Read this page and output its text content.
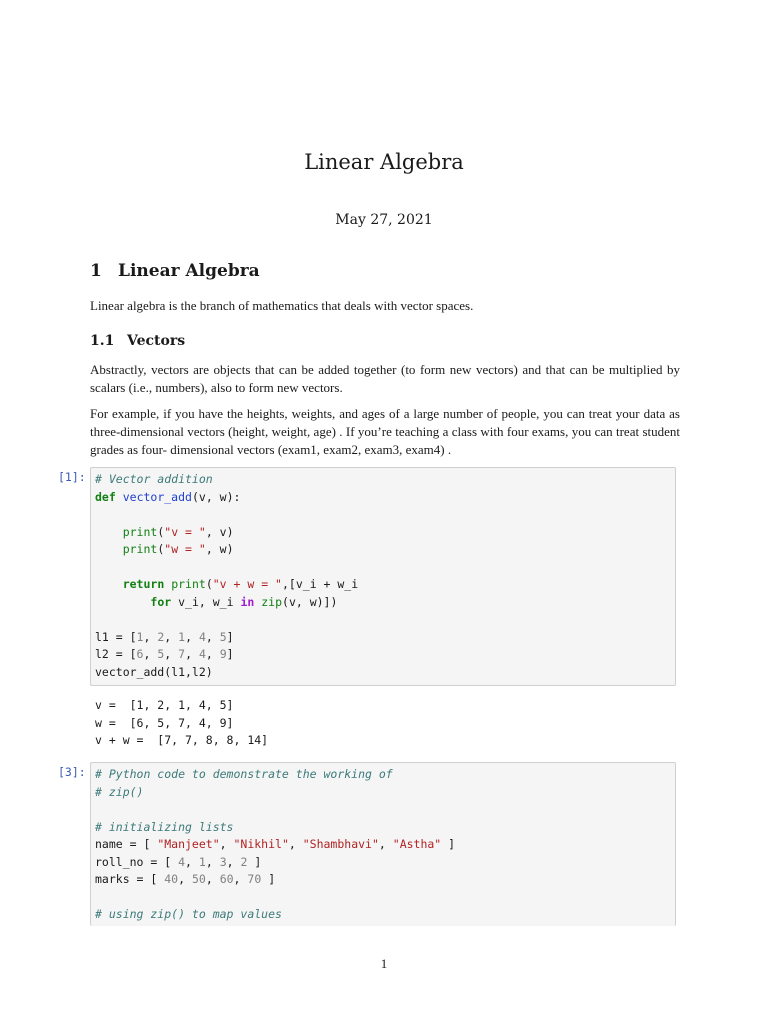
Linear Algebra
May 27, 2021
1 Linear Algebra
Linear algebra is the branch of mathematics that deals with vector spaces.
1.1 Vectors
Abstractly, vectors are objects that can be added together (to form new vectors) and that can be multiplied by scalars (i.e., numbers), also to form new vectors.
For example, if you have the heights, weights, and ages of a large number of people, you can treat your data as three-dimensional vectors (height, weight, age) . If you’re teaching a class with four exams, you can treat student grades as four- dimensional vectors (exam1, exam2, exam3, exam4) .
[1]: # Vector addition
def vector_add(v, w):

print("v = ", v)
print("w = ", w)

return print("v + w = ",[v_i + w_i
for v_i, w_i in zip(v, w)])

l1 = [1, 2, 1, 4, 5]
l2 = [6, 5, 7, 4, 9]
vector_add(l1,l2)
v =  [1, 2, 1, 4, 5]
w =  [6, 5, 7, 4, 9]
v + w =  [7, 7, 8, 8, 14]
[3]: # Python code to demonstrate the working of
# zip()

# initializing lists
name = [ "Manjeet", "Nikhil", "Shambhavi", "Astha" ]
roll_no = [ 4, 1, 3, 2 ]
marks = [ 40, 50, 60, 70 ]

# using zip() to map values
1
